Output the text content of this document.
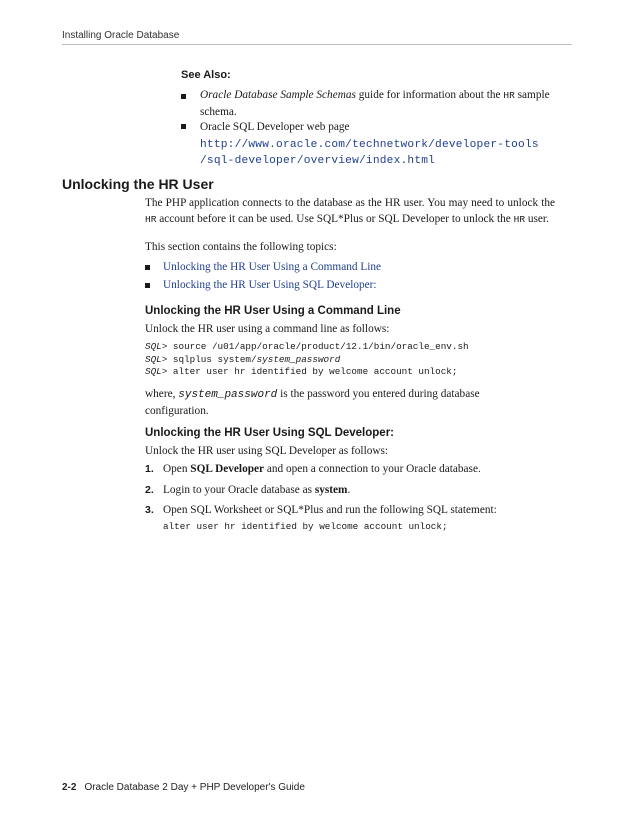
Installing Oracle Database
See Also:
Oracle Database Sample Schemas guide for information about the HR sample schema.
Oracle SQL Developer web page
http://www.oracle.com/technetwork/developer-tools
/sql-developer/overview/index.html
Unlocking the HR User
The PHP application connects to the database as the HR user. You may need to unlock the HR account before it can be used. Use SQL*Plus or SQL Developer to unlock the HR user.
This section contains the following topics:
Unlocking the HR User Using a Command Line
Unlocking the HR User Using SQL Developer:
Unlocking the HR User Using a Command Line
Unlock the HR user using a command line as follows:
SQL> source /u01/app/oracle/product/12.1/bin/oracle_env.sh
SQL> sqlplus system/system_password
SQL> alter user hr identified by welcome account unlock;
where, system_password is the password you entered during database configuration.
Unlocking the HR User Using SQL Developer:
Unlock the HR user using SQL Developer as follows:
1. Open SQL Developer and open a connection to your Oracle database.
2. Login to your Oracle database as system.
3. Open SQL Worksheet or SQL*Plus and run the following SQL statement:
alter user hr identified by welcome account unlock;
2-2 Oracle Database 2 Day + PHP Developer's Guide
